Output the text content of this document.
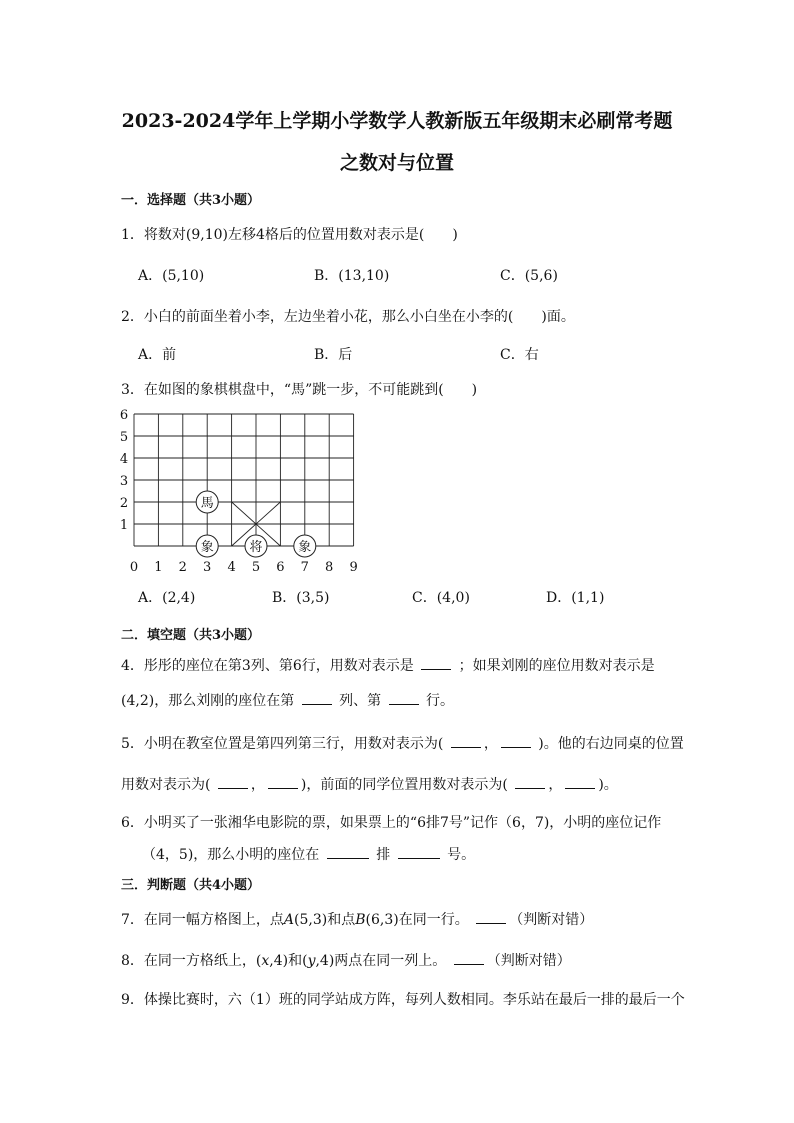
2023-2024学年上学期小学数学人教新版五年级期末必刷常考题
之数对与位置
一．选择题（共3小题）
1．将数对(9,10)左移4格后的位置用数对表示是(　　)
A．(5,10)	B．(13,10)	C．(5,6)
2．小白的前面坐着小李，左边坐着小花，那么小白坐在小李的(　　)面。
A．前	B．后	C．右
3．在如图的象棋棋盘中，“馬”跳一步，不可能跳到(　　)
0 1 2 3 4 5 6 7 8 9
1
2
3
4
5
6
馬
象	将	象
A．(2,4)	B．(3,5)	C．(4,0)	D．(1,1)
二．填空题（共3小题）
4．彤彤的座位在第3列、第6行，用数对表示是	；如果刘刚的座位用数对表示是
(4,2)，那么刘刚的座位在第	列、第	行。
5．小明在教室位置是第四列第三行，用数对表示为(	，	)。他的右边同桌的位置
用数对表示为(	，	)，前面的同学位置用数对表示为(	，	)。
6．小明买了一张湘华电影院的票，如果票上的“6排7号”记作（6，7)，小明的座位记作
（4，5)，那么小明的座位在	排	号。
三．判断题（共4小题）
7．在同一幅方格图上，点A(5,3)和点B(6,3)在同一行。	（判断对错）
8．在同一方格纸上，(x,4)和(y,4)两点在同一列上。	（判断对错）
9．体操比赛时，六（1）班的同学站成方阵，每列人数相同。李乐站在最后一排的最后一个
